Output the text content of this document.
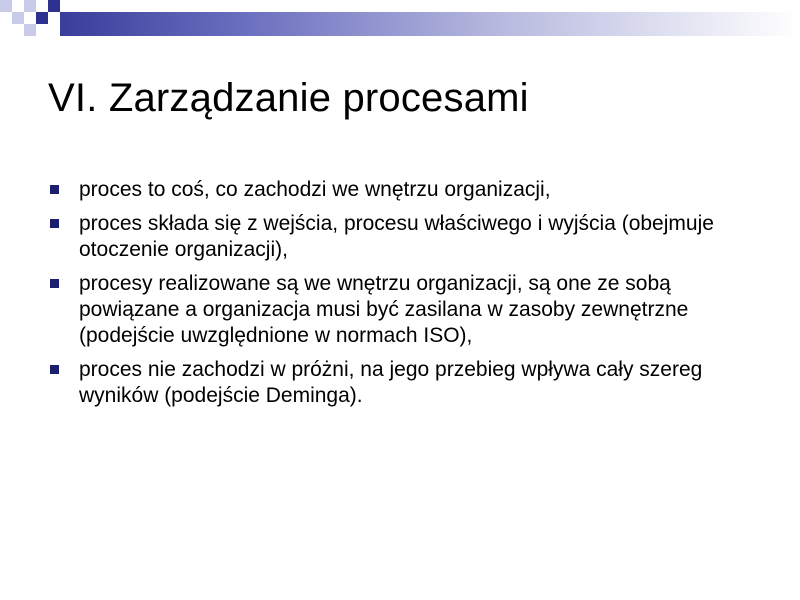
VI. Zarządzanie procesami
proces to coś, co zachodzi we wnętrzu organizacji,
proces składa się z wejścia, procesu właściwego i wyjścia (obejmuje otoczenie organizacji),
procesy realizowane są we wnętrzu organizacji, są one ze sobą powiązane a organizacja musi być zasilana w zasoby zewnętrzne (podejście uwzględnione w normach ISO),
proces nie zachodzi w próżni, na jego przebieg wpływa cały szereg wyników (podejście Deminga).
